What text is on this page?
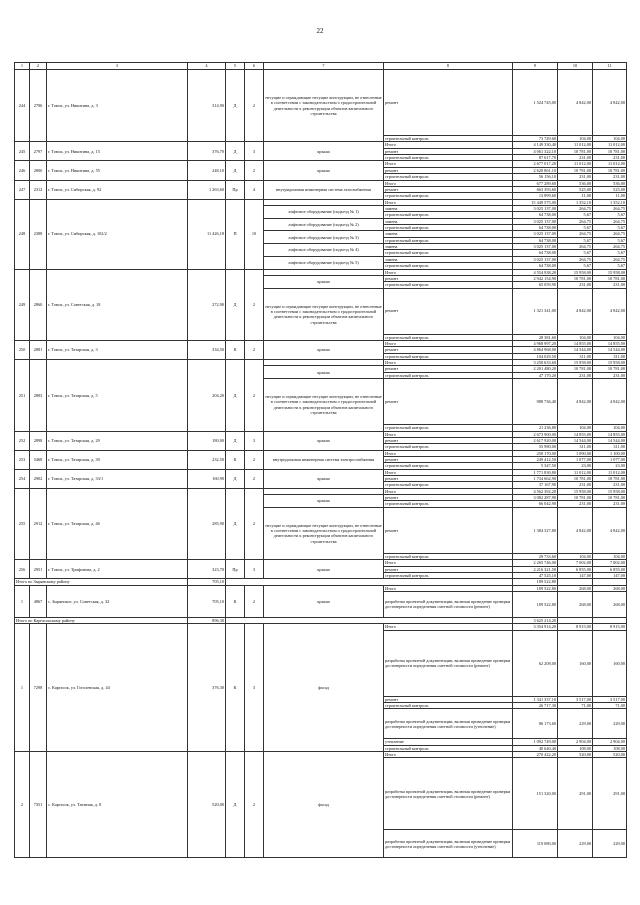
22
1	2	3	4	5	6	7	8	9	10	11
244	2796	г. Томск, ул. Никитина, д. 3	314,90	Д	2	несущие и ограждающие несущие конструкции, не отнесенные в соответствии с законодательством о градостроительной деятельности к реконструкции объектов капитального строительства	ремонт	1 524 745,00	4 842,00	4 842,00
							строительный контроль	73 749,60	104,00	104,00
245	2797	г. Томск, ул. Никитина, д. 15	376,70	Д	3	крыша	Итого	4 149 330,40	11 012,00	11 012,00
							ремонт	4 061 322,10	10 781,00	10 781,00
							строительный контроль	87 617,70	231,00	231,00
246	2800	г. Томск, ул. Никитина, д. 55	248,10	Д	2	крыша	Итого	2 677 017,20	11 012,00	11 012,00
							ремонт	2 620 861,10	10 781,00	10 781,00
							строительный контроль	56 156,10	231,00	231,00
247	2312	г. Томск, ул. Сибирская, д. 92	1 263,60	Пр	4	внутридомовая инженерная система газоснабжения	Итого	677 289,60	536,00	536,00
							ремонт	663 393,60	525,00	525,00
							строительный контроль	13 899,60	11,00	11,00
248	2388	г. Томск, ул. Сибирская, д. 102/2	11 426,18	П	10		Итого	15 449 575,00	1 352,10	1 352,10
						лифтовое оборудование (подъезд № 1)	замена	3 025 137,00	264,75	264,75
							строительный контроль	64 738,00	5,67	5,67
						лифтовое оборудование (подъезд № 2)	замена	3 025 137,00	264,75	264,75
							строительный контроль	64 738,00	5,67	5,67
						лифтовое оборудование (подъезд № 3)	замена	3 025 137,00	264,75	264,75
							строительный контроль	64 738,00	5,67	5,67
						лифтовое оборудование (подъезд № 4)	замена	3 025 137,00	264,75	264,75
							строительный контроль	64 738,00	5,67	5,67
						лифтовое оборудование (подъезд № 5)	замена	3 025 137,00	264,75	264,75
							строительный контроль	64 738,00	5,67	5,67
249	2860	г. Томск, ул. Советская, д. 18	272,90	Д	2		Итого	4 554 938,20	15 958,00	15 958,00
						крыша	ремонт	2 942 154,90	10 781,00	10 781,00
							строительный контроль	65 059,90	231,00	231,00
						несущие и ограждающие несущие конструкции, не отнесенные в соответствии с законодательством о градостроительной деятельности к реконструкции объектов капитального строительства	ремонт	1 321 341,00	4 842,00	4 842,00
							строительный контроль	28 381,60	104,00	104,00
250	2881	г. Томск, ул. Татарская, д. 3	334,50	К	2	крыша	Итого	4 968 997,20	14 855,00	14 855,00
							ремонт	4 864 968,00	14 544,00	14 544,00
							строительный контроль	104 029,50	311,00	311,00
251	2883	г. Томск, ул. Татарская, д. 5	204,20	Д	2		Итого	3 258 633,60	15 958,00	15 958,00
						крыша	ремонт	2 201 480,20	10 781,00	10 781,00
							строительный контроль	47 170,20	231,00	231,00
						несущие и ограждающие несущие конструкции, не отнесенные в соответствии с законодательством о градостроительной деятельности к реконструкции объектов капитального строительства	ремонт	988 736,40	4 842,00	4 842,00
							строительный контроль	21 236,80	104,00	104,00
252	2898	г. Томск, ул. Татарская, д. 29	180,00	Д	3	крыша	Итого	2 673 900,00	14 855,00	14 855,00
							ремонт	2 617 920,00	14 544,00	14 544,00
							строительный контроль	55 980,00	311,00	311,00
253	5468	г. Томск, ул. Татарская, д. 39	232,50	К	2	внутридомовая инженерная система электроснабжения	Итого	250 170,00	1 090,00	1 100,00
							ремонт	249 412,50	1 077,00	1 077,00
							строительный контроль	5 347,50	23,00	23,00
254	2902	г. Томск, ул. Татарская, д. 33/1	160,90	Д	2	крыша	Итого	1 771 830,80	11 012,00	11 012,00
							ремонт	1 734 662,90	10 781,00	10 781,00
							строительный контроль	37 167,90	231,00	231,00
255	2912	г. Томск, ул. Татарская, д. 46	285,90	Д	2		Итого	4 562 392,20	15 958,00	15 958,00
						крыша	ремонт	3 082 287,90	10 781,00	10 781,00
							строительный контроль	66 042,90	231,00	231,00
						несущие и ограждающие несущие конструкции, не отнесенные в соответствии с законодательством о градостроительной деятельности к реконструкции объектов капитального строительства	ремонт	1 384 327,80	4 842,00	4 842,00
							строительный контроль	29 733,60	104,00	104,00
256	2951	г. Томск, ул. Трифонова, д. 2	323,70	Пр	3	крыша	Итого	2 265 746,00	7 002,00	7 002,00
							ремонт	2 216 321,50	6 855,00	6 855,00
							строительный контроль	47 525,10	147,00	147,00
Итого по Зырянскому району			705,10					189 522,80		
1	4867	с. Зырянское, ул. Советская, д. 32	705,10	К	2	крыша	Итого	189 522,80	268,00	268,00
							разработка проектной документации, включая проведение проверки достоверности определения сметной стоимости (ремонт)	189 522,80	268,00	268,00
Итого по Каргасокскому району			896,30					3 625 214,20		
1	7298	с. Каргасок, ул. Гоголевская, д. 44	376,30	К	3	фасад	Итого	3 354 914,20	8 915,00	8 915,00
							разработка проектной документации, включая проведение проверки достоверности определения сметной стоимости (ремонт)	62 208,00	160,00	160,00
							ремонт	1 341 337,10	3 517,00	3 517,00
							строительный контроль	26 717,30	71,00	71,00
							разработка проектной документации, включая проведение проверки достоверности определения сметной стоимости (утепление)	86 173,60	229,00	229,00
							утепление	1 092 749,00	2 904,00	2 904,00
							строительный контроль	40 640,40	108,00	108,00
2	7351	с. Каргасок, ул. Таежная, д. 8	520,00	Д	2	фасад	Итого	270 422,20	520,00	520,00
							разработка проектной документации, включая проведение проверки достоверности определения сметной стоимости (ремонт)	151 320,00	291,00	291,00
							разработка проектной документации, включая проведение проверки достоверности определения сметной стоимости (утепление)	119 080,00	229,00	229,00
